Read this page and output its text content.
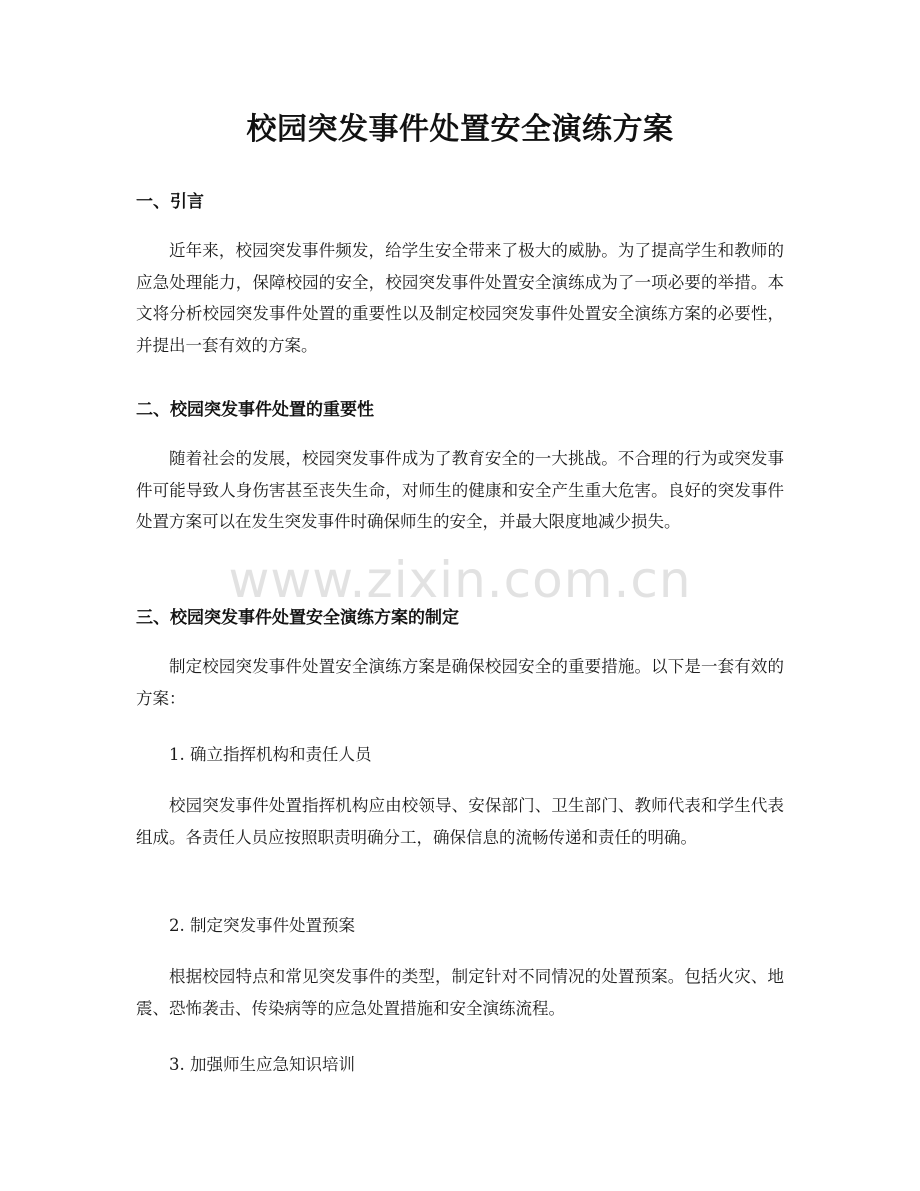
校园突发事件处置安全演练方案
一、引言
近年来，校园突发事件频发，给学生安全带来了极大的威胁。为了提高学生和教师的应急处理能力，保障校园的安全，校园突发事件处置安全演练成为了一项必要的举措。本文将分析校园突发事件处置的重要性以及制定校园突发事件处置安全演练方案的必要性，并提出一套有效的方案。
二、校园突发事件处置的重要性
随着社会的发展，校园突发事件成为了教育安全的一大挑战。不合理的行为或突发事件可能导致人身伤害甚至丧失生命，对师生的健康和安全产生重大危害。良好的突发事件处置方案可以在发生突发事件时确保师生的安全，并最大限度地减少损失。
www.zixin.com.cn
三、校园突发事件处置安全演练方案的制定
制定校园突发事件处置安全演练方案是确保校园安全的重要措施。以下是一套有效的方案：
1. 确立指挥机构和责任人员
校园突发事件处置指挥机构应由校领导、安保部门、卫生部门、教师代表和学生代表组成。各责任人员应按照职责明确分工，确保信息的流畅传递和责任的明确。
2. 制定突发事件处置预案
根据校园特点和常见突发事件的类型，制定针对不同情况的处置预案。包括火灾、地震、恐怖袭击、传染病等的应急处置措施和安全演练流程。
3. 加强师生应急知识培训
